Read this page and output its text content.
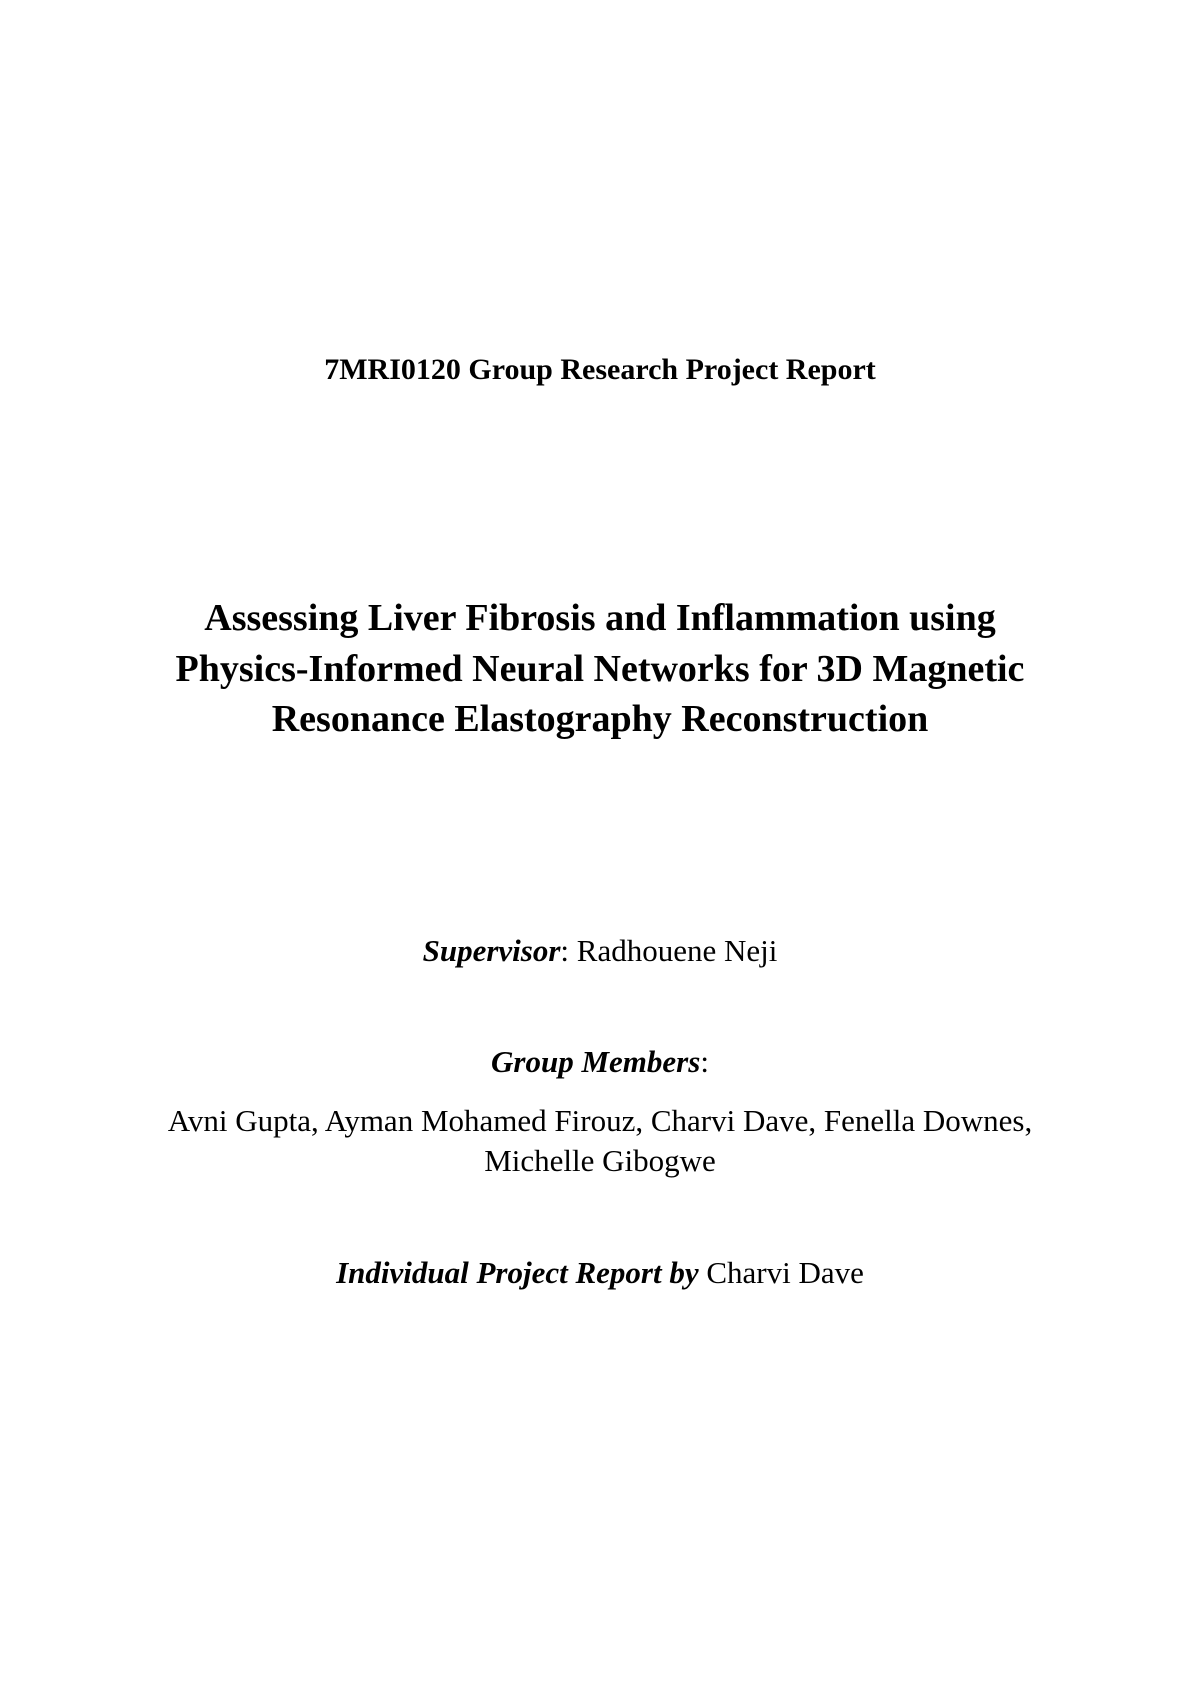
7MRI0120 Group Research Project Report
Assessing Liver Fibrosis and Inflammation using
Physics-Informed Neural Networks for 3D Magnetic
Resonance Elastography Reconstruction
Supervisor: Radhouene Neji
Group Members:
Avni Gupta, Ayman Mohamed Firouz, Charvi Dave, Fenella Downes,
Michelle Gibogwe
Individual Project Report by Charvi Dave
